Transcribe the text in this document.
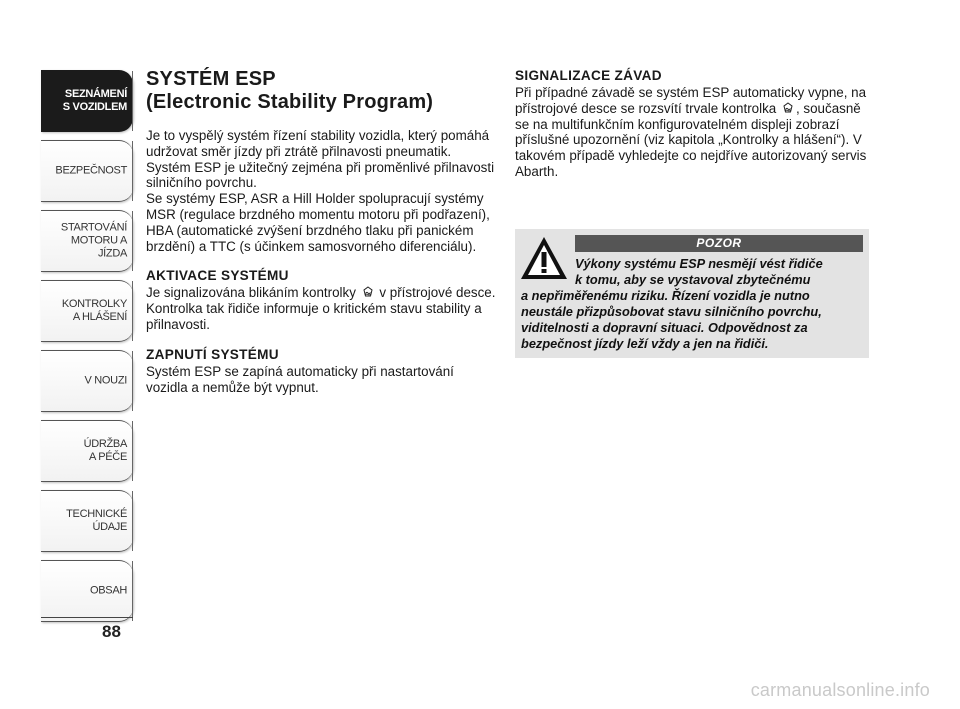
SEZNÁMENÍ
S VOZIDLEM

BEZPEČNOST

STARTOVÁNÍ
MOTORU A JÍZDA

KONTROLKY
A HLÁŠENÍ

V NOUZI

ÚDRŽBA
A PÉČE

TECHNICKÉ
ÚDAJE

OBSAH

88
SYSTÉM ESP
(Electronic Stability Program)

Je to vyspělý systém řízení stability vozidla, který pomáhá udržovat směr jízdy při ztrátě přilnavosti pneumatik.

Systém ESP je užitečný zejména při proměnlivé přilnavosti silničního povrchu.

Se systémy ESP, ASR a Hill Holder spolupracují systémy MSR (regulace brzdného momentu motoru při podřazení), HBA (automatické zvýšení brzdného tlaku při panickém brzdění) a TTC (s účinkem samosvorného diferenciálu).

AKTIVACE SYSTÉMU

Je signalizována blikáním kontrolky v přístrojové desce. Kontrolka tak řidiče informuje o kritickém stavu stability a přilnavosti.

ZAPNUTÍ SYSTÉMU

Systém ESP se zapíná automaticky při nastartování vozidla a nemůže být vypnut.

SIGNALIZACE ZÁVAD

Při případné závadě se systém ESP automaticky vypne, na přístrojové desce se rozsvítí trvale kontrolka , současně se na multifunkčním konfigurovatelném displeji zobrazí příslušné upozornění (viz kapitola „Kontrolky a hlášení“). V takovém případě vyhledejte co nejdříve autorizovaný servis Abarth.

POZOR
Výkony systému ESP nesmějí vést řidiče
k tomu, aby se vystavoval zbytečnému
a nepřiměřenému riziku. Řízení vozidla je nutno
neustále přizpůsobovat stavu silničního povrchu,
viditelnosti a dopravní situaci. Odpovědnost za
bezpečnost jízdy leží vždy a jen na řidiči.
carmanualsonline.info
